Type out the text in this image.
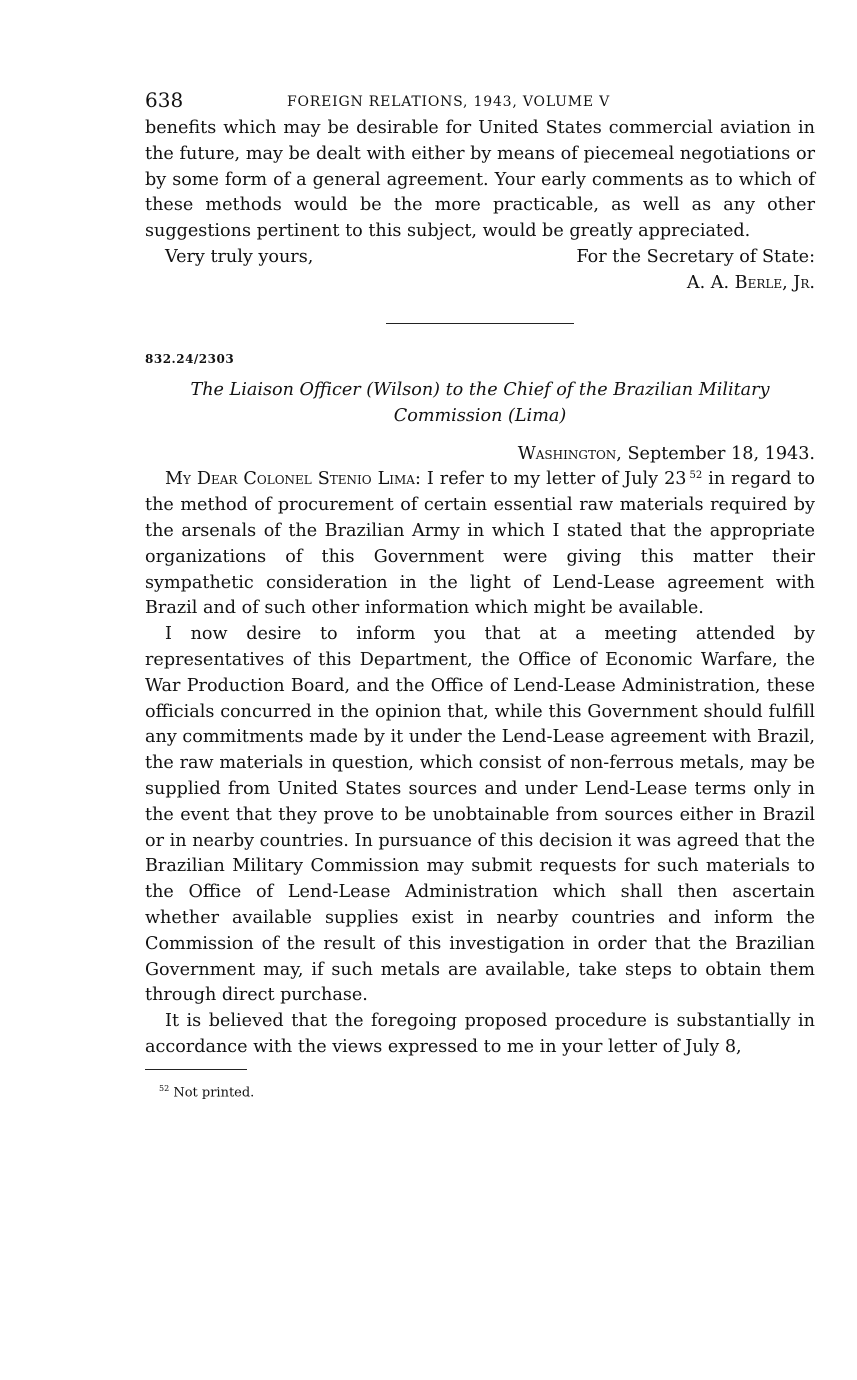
638	FOREIGN RELATIONS, 1943, VOLUME V

benefits which may be desirable for United States commercial aviation in the future, may be dealt with either by means of piecemeal negotiations or by some form of a general agreement. Your early comments as to which of these methods would be the more practicable, as well as any other suggestions pertinent to this subject, would be greatly appreciated.

Very truly yours,	For the Secretary of State:
A. A. Berle, Jr.
832.24/2303
The Liaison Officer (Wilson) to the Chief of the Brazilian Military Commission (Lima)
Washington, September 18, 1943.

My Dear Colonel Stenio Lima: I refer to my letter of July 23 $^{52}$ in regard to the method of procurement of certain essential raw materials required by the arsenals of the Brazilian Army in which I stated that the appropriate organizations of this Government were giving this matter their sympathetic consideration in the light of Lend-Lease agreement with Brazil and of such other information which might be available.

I now desire to inform you that at a meeting attended by representatives of this Department, the Office of Economic Warfare, the War Production Board, and the Office of Lend-Lease Administration, these officials concurred in the opinion that, while this Government should fulfill any commitments made by it under the Lend-Lease agreement with Brazil, the raw materials in question, which consist of non-ferrous metals, may be supplied from United States sources and under Lend-Lease terms only in the event that they prove to be unobtainable from sources either in Brazil or in nearby countries. In pursuance of this decision it was agreed that the Brazilian Military Commission may submit requests for such materials to the Office of Lend-Lease Administration which shall then ascertain whether available supplies exist in nearby countries and inform the Commission of the result of this investigation in order that the Brazilian Government may, if such metals are available, take steps to obtain them through direct purchase.

It is believed that the foregoing proposed procedure is substantially in accordance with the views expressed to me in your letter of July 8,

$^{52}$ Not printed.
